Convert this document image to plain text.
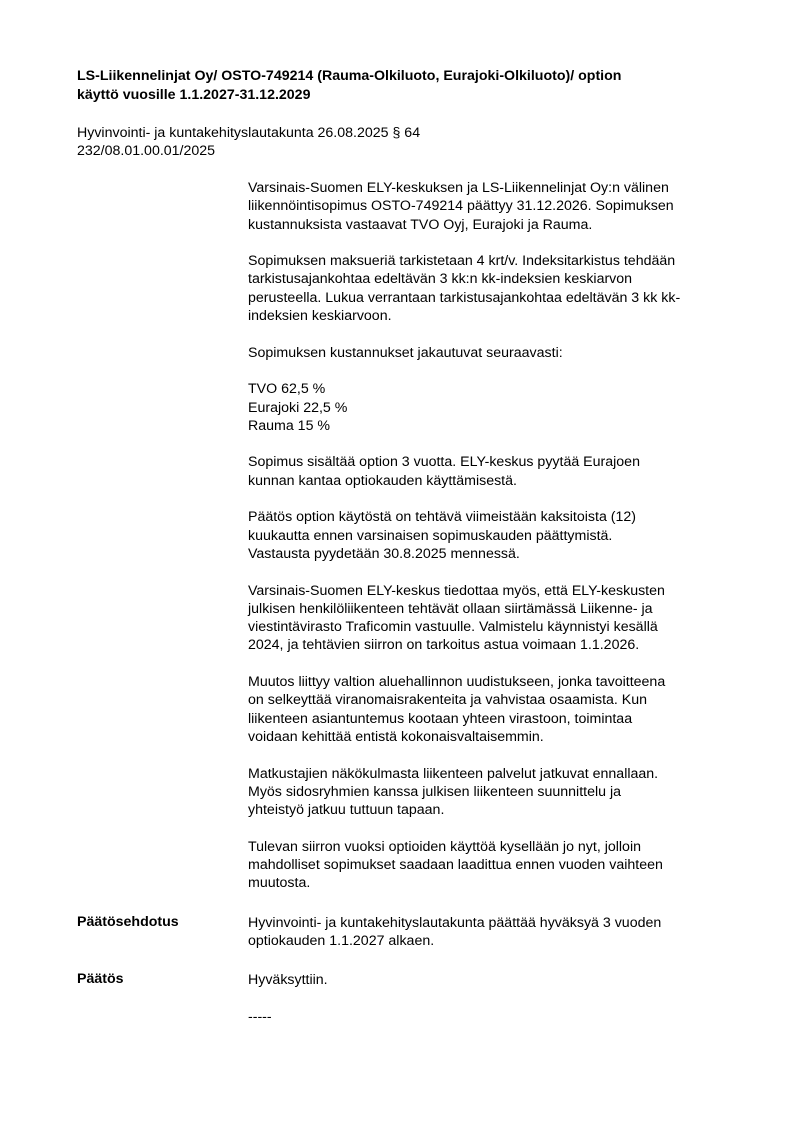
LS-Liikennelinjat Oy/ OSTO-749214 (Rauma-Olkiluoto, Eurajoki-Olkiluoto)/ option
käyttö vuosille 1.1.2027-31.12.2029
Hyvinvointi- ja kuntakehityslautakunta 26.08.2025 § 64
232/08.01.00.01/2025
Varsinais-Suomen ELY-keskuksen ja LS-Liikennelinjat Oy:n välinen
liikennöintisopimus OSTO-749214 päättyy 31.12.2026. Sopimuksen
kustannuksista vastaavat TVO Oyj, Eurajoki ja Rauma.
Sopimuksen maksueriä tarkistetaan 4 krt/v. Indeksitarkistus tehdään
tarkistusajankohtaa edeltävän 3 kk:n kk-indeksien keskiarvon
perusteella. Lukua verrantaan tarkistusajankohtaa edeltävän 3 kk kk-
indeksien keskiarvoon.
Sopimuksen kustannukset jakautuvat seuraavasti:
TVO 62,5 %
Eurajoki 22,5 %
Rauma 15 %
Sopimus sisältää option 3 vuotta. ELY-keskus pyytää Eurajoen
kunnan kantaa optiokauden käyttämisestä.
Päätös option käytöstä on tehtävä viimeistään kaksitoista (12)
kuukautta ennen varsinaisen sopimuskauden päättymistä.
Vastausta pyydetään 30.8.2025 mennessä.
Varsinais-Suomen ELY-keskus tiedottaa myös, että ELY-keskusten
julkisen henkilöliikenteen tehtävät ollaan siirtämässä Liikenne- ja
viestintävirasto Traficomin vastuulle. Valmistelu käynnistyi kesällä
2024, ja tehtävien siirron on tarkoitus astua voimaan 1.1.2026.
Muutos liittyy valtion aluehallinnon uudistukseen, jonka tavoitteena
on selkeyttää viranomaisrakenteita ja vahvistaa osaamista. Kun
liikenteen asiantuntemus kootaan yhteen virastoon, toimintaa
voidaan kehittää entistä kokonaisvaltaisemmin.
Matkustajien näkökulmasta liikenteen palvelut jatkuvat ennallaan.
Myös sidosryhmien kanssa julkisen liikenteen suunnittelu ja
yhteistyö jatkuu tuttuun tapaan.
Tulevan siirron vuoksi optioiden käyttöä kysellään jo nyt, jolloin
mahdolliset sopimukset saadaan laadittua ennen vuoden vaihteen
muutosta.
Päätösehdotus	Hyvinvointi- ja kuntakehityslautakunta päättää hyväksyä 3 vuoden
optiokauden 1.1.2027 alkaen.
Päätös	Hyväksyttiin.
-----
